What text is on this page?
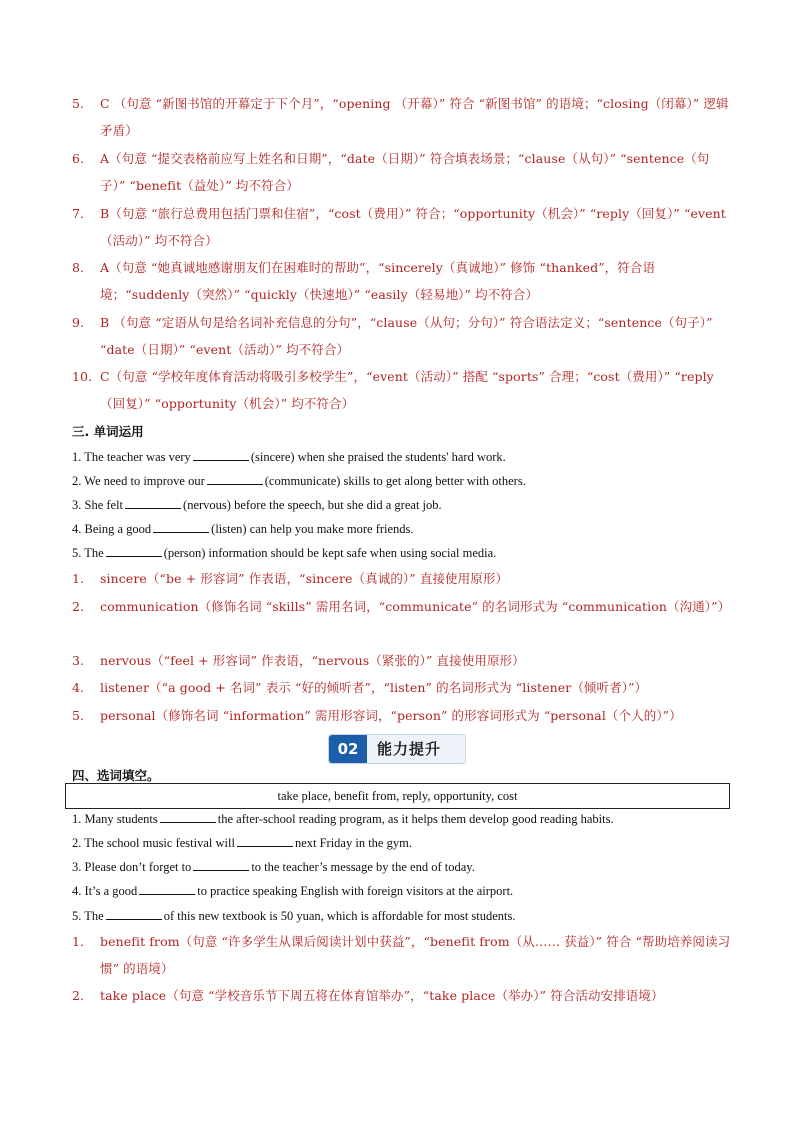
5.	C （句意 “新图书馆的开幕定于下个月”，“opening （开幕）” 符合 “新图书馆” 的语境；“closing（闭幕）” 逻辑矛盾）
6.	A（句意 “提交表格前应写上姓名和日期”，“date（日期）” 符合填表场景；“clause（从句）” “sentence（句子）” “benefit（益处）” 均不符合）
7.	B（句意 “旅行总费用包括门票和住宿”，“cost（费用）” 符合；“opportunity（机会）” “reply（回复）” “event（活动）” 均不符合）
8.	A（句意 “她真诚地感谢朋友们在困难时的帮助”，“sincerely（真诚地）” 修饰 “thanked”，符合语境；“suddenly（突然）” “quickly（快速地）” “easily（轻易地）” 均不符合）
9.	B （句意 “定语从句是给名词补充信息的分句”，“clause（从句；分句）” 符合语法定义；“sentence（句子）” “date（日期）” “event（活动）” 均不符合）
10. C（句意 “学校年度体育活动将吸引多校学生”，“event（活动）” 搭配 “sports” 合理；“cost（费用）” “reply（回复）” “opportunity（机会）” 均不符合）
三. 单词运用
1. The teacher was very	(sincere) when she praised the students' hard work.
2. We need to improve our	(communicate) skills to get along better with others.
3. She felt	(nervous) before the speech, but she did a great job.
4. Being a good	(listen) can help you make more friends.
5. The	(person) information should be kept safe when using social media.
1.	sincere（“be + 形容词” 作表语，“sincere（真诚的）” 直接使用原形）
2.	communication（修饰名词 “skills” 需用名词，“communicate” 的名词形式为 “communication（沟通）”）
3.	nervous（“feel + 形容词” 作表语，“nervous（紧张的）” 直接使用原形）
4.	listener（“a good + 名词” 表示 “好的倾听者”，“listen” 的名词形式为 “listener（倾听者）”）
5.	personal（修饰名词 “information” 需用形容词，“person” 的形容词形式为 “personal（个人的）”）
02	能力提升
四、选词填空。
take place, benefit from, reply, opportunity, cost
1. Many students	the after-school reading program, as it helps them develop good reading habits.
2. The school music festival will	next Friday in the gym.
3. Please don’t forget to	to the teacher’s message by the end of today.
4. It’s a good	to practice speaking English with foreign visitors at the airport.
5. The	of this new textbook is 50 yuan, which is affordable for most students.
1.	benefit from（句意 “许多学生从课后阅读计划中获益”，“benefit from（从…… 获益）” 符合 “帮助培养阅读习惯” 的语境）
2.	take place（句意 “学校音乐节下周五将在体育馆举办”，“take place（举办）” 符合活动安排语境）
